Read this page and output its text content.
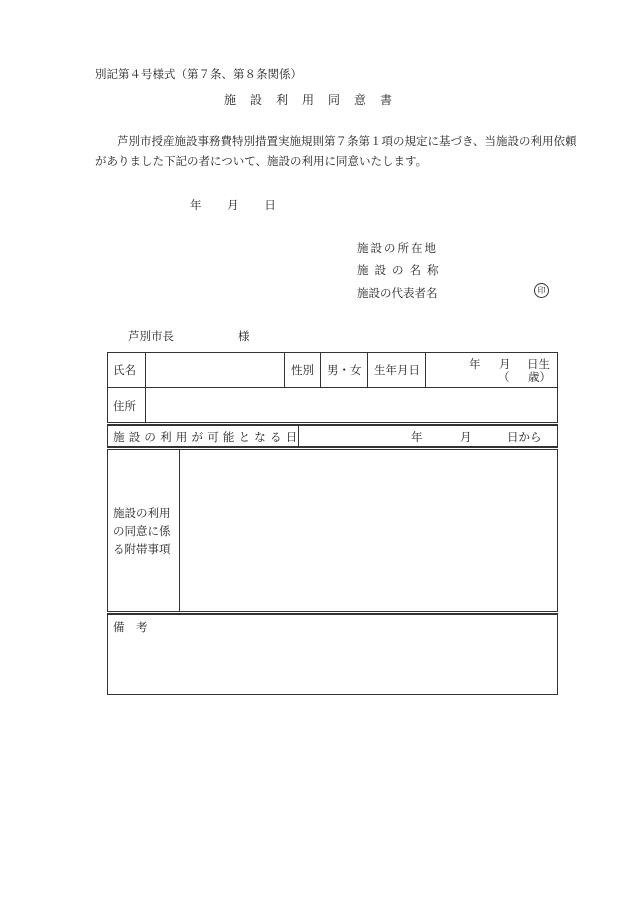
別記第４号様式（第７条、第８条関係）
施設利用同意書
芦別市授産施設事務費特別措置実施規則第７条第１項の規定に基づき、当施設の利用依頼がありました下記の者について、施設の利用に同意いたします。
年 月 日
施設の所在地
施設の名称
施設の代表者名	印
芦別市長	様
氏名	性別 男・女 生年月日	年 月 日生
（ 歳）
住所
施設の利用が可能となる日	年	月	日から
施設の利用
の同意に係
る附帯事項
備　考
